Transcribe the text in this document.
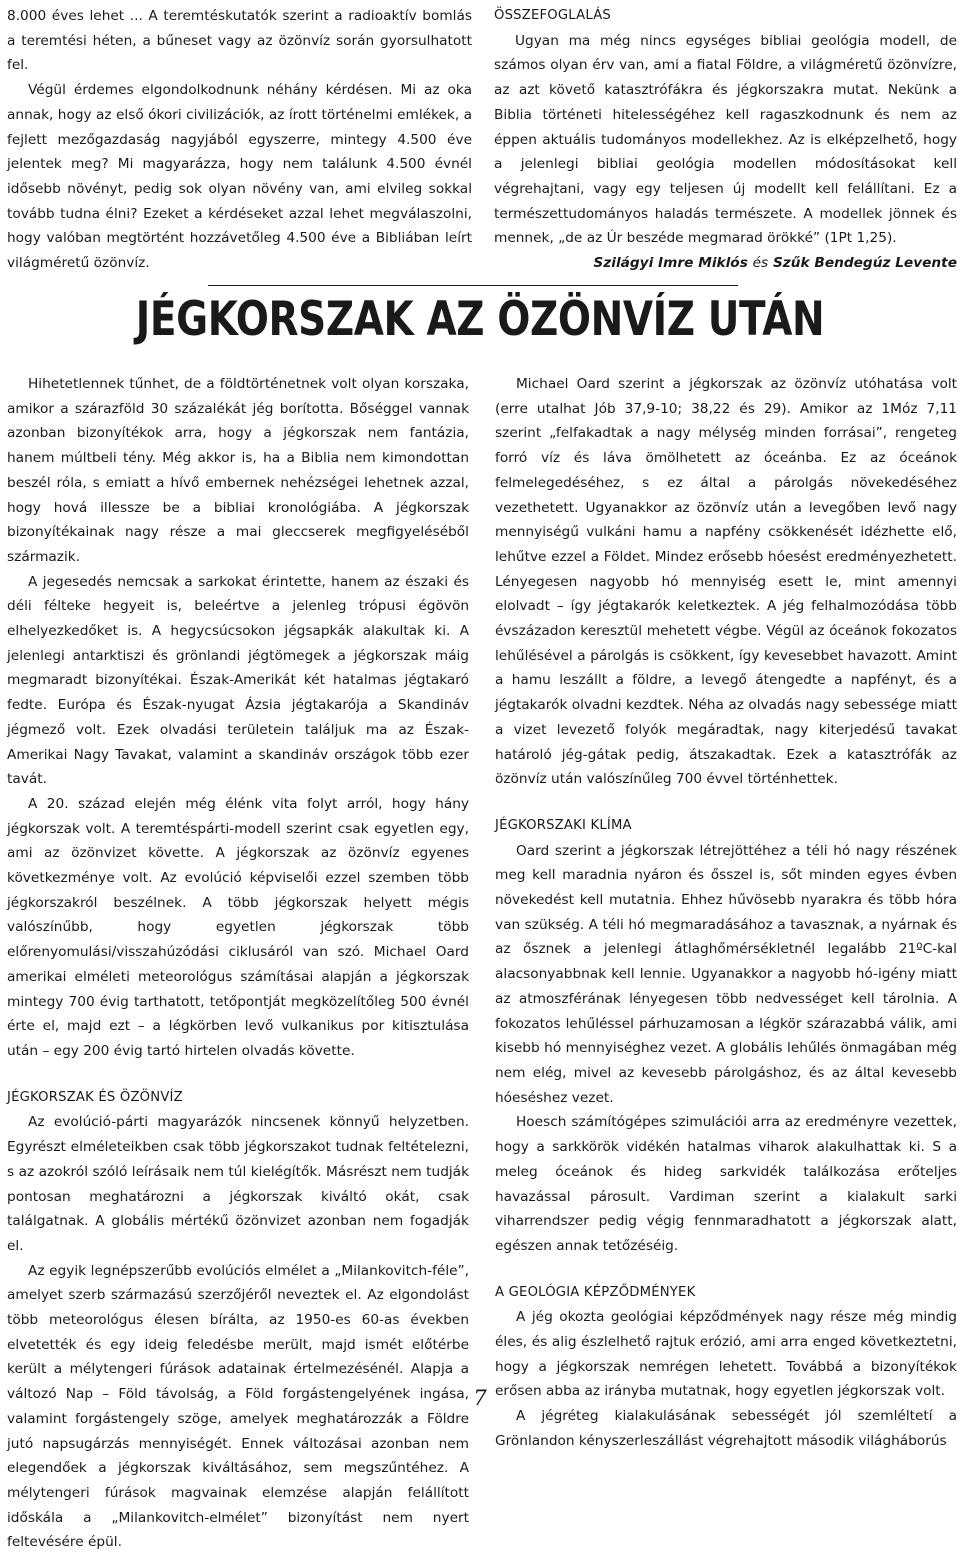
8.000 éves lehet ... A teremtéskutatók szerint a radioaktív bomlás a teremtési héten, a bűneset vagy az özönvíz során gyorsulhatott fel.

Végül érdemes elgondolkodnunk néhány kérdésen. Mi az oka annak, hogy az első ókori civilizációk, az írott történelmi emlékek, a fejlett mezőgazdaság nagyjából egyszerre, mintegy 4.500 éve jelentek meg? Mi magyarázza, hogy nem találunk 4.500 évnél idősebb növényt, pedig sok olyan növény van, ami elvileg sokkal tovább tudna élni? Ezeket a kérdéseket azzal lehet megválaszolni, hogy valóban megtörtént hozzávetőleg 4.500 éve a Bibliában leírt világméretű özönvíz.

ÖSSZEFOGLALÁS

Ugyan ma még nincs egységes bibliai geológia modell, de számos olyan érv van, ami a fiatal Földre, a világméretű özönvízre, az azt követő katasztrófákra és jégkorszakra mutat. Nekünk a Biblia történeti hitelességéhez kell ragaszkodnunk és nem az éppen aktuális tudományos modellekhez. Az is elképzelhető, hogy a jelenlegi bibliai geológia modellen módosításokat kell végrehajtani, vagy egy teljesen új modellt kell felállítani. Ez a természettudományos haladás természete. A modellek jönnek és mennek, „de az Úr beszéde megmarad örökké” (1Pt 1,25).

Szilágyi Imre Miklós és Szűk Bendegúz Levente

JÉGKORSZAK AZ ÖZÖNVÍZ UTÁN

Hihetetlennek tűnhet, de a földtörténetnek volt olyan korszaka, amikor a szárazföld 30 százalékát jég borította. Bőséggel vannak azonban bizonyítékok arra, hogy a jégkorszak nem fantázia, hanem múltbeli tény. Még akkor is, ha a Biblia nem kimondottan beszél róla, s emiatt a hívő embernek nehézségei lehetnek azzal, hogy hová illessze be a bibliai kronológiába. A jégkorszak bizonyítékainak nagy része a mai gleccserek megfigyeléséből származik.

A jegesedés nemcsak a sarkokat érintette, hanem az északi és déli félteke hegyeit is, beleértve a jelenleg trópusi égövön elhelyezkedőket is. A hegycsúcsokon jégsapkák alakultak ki. A jelenlegi antarktiszi és grönlandi jégtömegek a jégkorszak máig megmaradt bizonyítékai. Észak-Amerikát két hatalmas jégtakaró fedte. Európa és Észak-nyugat Ázsia jégtakarója a Skandináv jégmező volt. Ezek olvadási területein találjuk ma az Észak-Amerikai Nagy Tavakat, valamint a skandináv országok több ezer tavát.

A 20. század elején még élénk vita folyt arról, hogy hány jégkorszak volt. A teremtéspárti-modell szerint csak egyetlen egy, ami az özönvizet követte. A jégkorszak az özönvíz egyenes következménye volt. Az evolúció képviselői ezzel szemben több jégkorszakról beszélnek. A több jégkorszak helyett mégis valószínűbb, hogy egyetlen jégkorszak több előrenyomulási/visszahúzódási ciklusáról van szó. Michael Oard amerikai elméleti meteorológus számításai alapján a jégkorszak mintegy 700 évig tarthatott, tetőpontját megközelítőleg 500 évnél érte el, majd ezt – a légkörben levő vulkanikus por kitisztulása után – egy 200 évig tartó hirtelen olvadás követte.

JÉGKORSZAK ÉS ÖZÖNVÍZ

Az evolúció-párti magyarázók nincsenek könnyű helyzetben. Egyrészt elméleteikben csak több jégkorszakot tudnak feltételezni, s az azokról szóló leírásaik nem túl kielégítők. Másrészt nem tudják pontosan meghatározni a jégkorszak kiváltó okát, csak találgatnak. A globális mértékű özönvizet azonban nem fogadják el.

Az egyik legnépszerűbb evolúciós elmélet a „Milankovitch-féle”, amelyet szerb származású szerzőjéről neveztek el. Az elgondolást több meteorológus élesen bírálta, az 1950-es 60-as években elvetették és egy ideig feledésbe merült, majd ismét előtérbe került a mélytengeri fúrások adatainak értelmezésénél. Alapja a változó Nap – Föld távolság, a Föld forgástengelyének ingása, valamint forgástengely szöge, amelyek meghatározzák a Földre jutó napsugárzás mennyiségét. Ennek változásai azonban nem elegendőek a jégkorszak kiváltásához, sem megszűntéhez. A mélytengeri fúrások magvainak elemzése alapján felállított időskála a „Milankovitch-elmélet” bizonyítást nem nyert feltevésére épül.

Michael Oard szerint a jégkorszak az özönvíz utóhatása volt (erre utalhat Jób 37,9-10; 38,22 és 29). Amikor az 1Móz 7,11 szerint „felfakadtak a nagy mélység minden forrásai”, rengeteg forró víz és láva ömölhetett az óceánba. Ez az óceánok felmelegedéséhez, s ez által a párolgás növekedéséhez vezethetett. Ugyanakkor az özönvíz után a levegőben levő nagy mennyiségű vulkáni hamu a napfény csökkenését idézhette elő, lehűtve ezzel a Földet. Mindez erősebb hóesést eredményezhetett. Lényegesen nagyobb hó mennyiség esett le, mint amennyi elolvadt – így jégtakarók keletkeztek. A jég felhalmozódása több évszázadon keresztül mehetett végbe. Végül az óceánok fokozatos lehűlésével a párolgás is csökkent, így kevesebbet havazott. Amint a hamu leszállt a földre, a levegő átengedte a napfényt, és a jégtakarók olvadni kezdtek. Néha az olvadás nagy sebessége miatt a vizet levezető folyók megáradtak, nagy kiterjedésű tavakat határoló jég-gátak pedig, átszakadtak. Ezek a katasztrófák az özönvíz után valószínűleg 700 évvel történhettek.

JÉGKORSZAKI KLÍMA

Oard szerint a jégkorszak létrejöttéhez a téli hó nagy részének meg kell maradnia nyáron és ősszel is, sőt minden egyes évben növekedést kell mutatnia. Ehhez hűvösebb nyarakra és több hóra van szükség. A téli hó megmaradásához a tavasznak, a nyárnak és az ősznek a jelenlegi átlaghőmérsékletnél legalább 21ºC-kal alacsonyabbnak kell lennie. Ugyanakkor a nagyobb hó-igény miatt az atmoszférának lényegesen több nedvességet kell tárolnia. A fokozatos lehűléssel párhuzamosan a légkör szárazabbá válik, ami kisebb hó mennyiséghez vezet. A globális lehűlés önmagában még nem elég, mivel az kevesebb párolgáshoz, és az által kevesebb hóeséshez vezet.

Hoesch számítógépes szimulációi arra az eredményre vezettek, hogy a sarkkörök vidékén hatalmas viharok alakulhattak ki. S a meleg óceánok és hideg sarkvidék találkozása erőteljes havazással párosult. Vardiman szerint a kialakult sarki viharrendszer pedig végig fennmaradhatott a jégkorszak alatt, egészen annak tetőzéséig.

A GEOLÓGIA KÉPZŐDMÉNYEK

A jég okozta geológiai képződmények nagy része még mindig éles, és alig észlelhető rajtuk erózió, ami arra enged következtetni, hogy a jégkorszak nemrégen lehetett. Továbbá a bizonyítékok erősen abba az irányba mutatnak, hogy egyetlen jégkorszak volt.

A jégréteg kialakulásának sebességét jól szemléltetí a Grönlandon kényszerleszállást végrehajtott második világháborús

7
